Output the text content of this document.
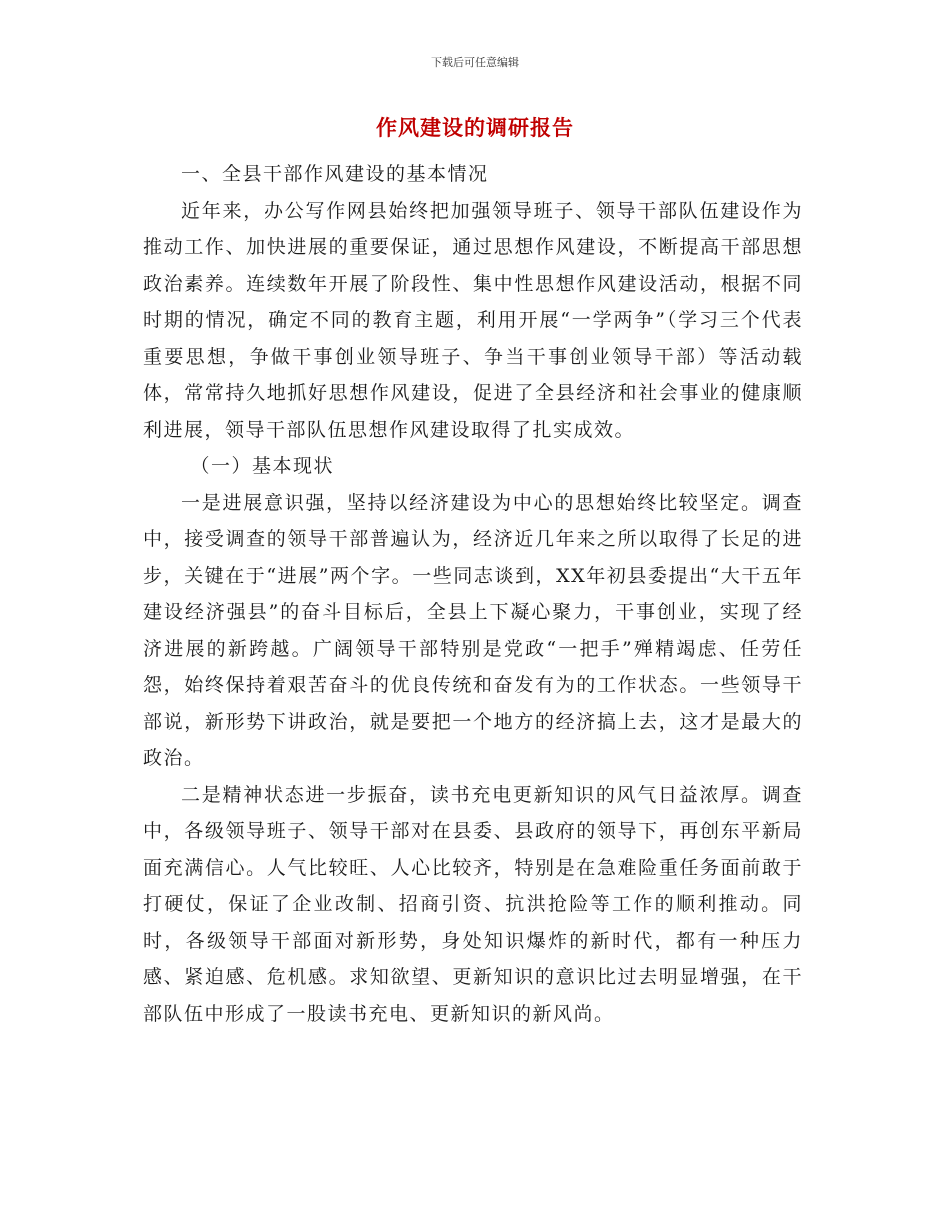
下载后可任意编辑
作风建设的调研报告

一、全县干部作风建设的基本情况

近年来，办公写作网县始终把加强领导班子、领导干部队伍建设作为推动工作、加快进展的重要保证，通过思想作风建设，不断提高干部思想政治素养。连续数年开展了阶段性、集中性思想作风建设活动，根据不同时期的情况，确定不同的教育主题，利用开展“一学两争”（学习三个代表重要思想，争做干事创业领导班子、争当干事创业领导干部）等活动载体，常常持久地抓好思想作风建设，促进了全县经济和社会事业的健康顺利进展，领导干部队伍思想作风建设取得了扎实成效。

（一）基本现状

一是进展意识强，坚持以经济建设为中心的思想始终比较坚定。调查中，接受调查的领导干部普遍认为，经济近几年来之所以取得了长足的进步，关键在于“进展”两个字。一些同志谈到，XX年初县委提出“大干五年建设经济强县”的奋斗目标后，全县上下凝心聚力，干事创业，实现了经济进展的新跨越。广阔领导干部特别是党政“一把手”殚精竭虑、任劳任怨，始终保持着艰苦奋斗的优良传统和奋发有为的工作状态。一些领导干部说，新形势下讲政治，就是要把一个地方的经济搞上去，这才是最大的政治。

二是精神状态进一步振奋，读书充电更新知识的风气日益浓厚。调查中，各级领导班子、领导干部对在县委、县政府的领导下，再创东平新局面充满信心。人气比较旺、人心比较齐，特别是在急难险重任务面前敢于打硬仗，保证了企业改制、招商引资、抗洪抢险等工作的顺利推动。同时，各级领导干部面对新形势，身处知识爆炸的新时代，都有一种压力感、紧迫感、危机感。求知欲望、更新知识的意识比过去明显增强，在干部队伍中形成了一股读书充电、更新知识的新风尚。
